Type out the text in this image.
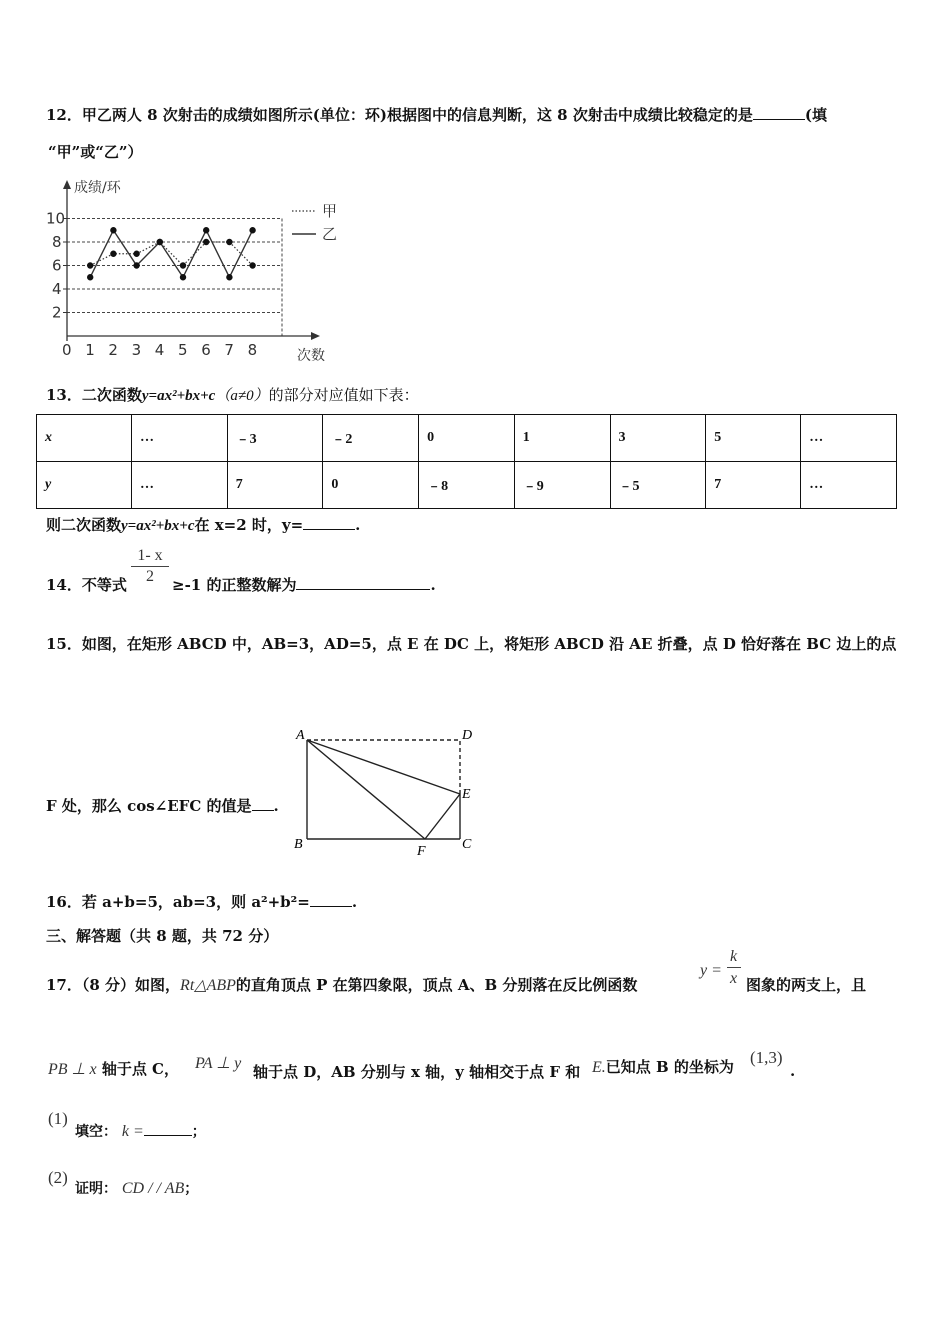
12．甲乙两人 8 次射击的成绩如图所示(单位：环)根据图中的信息判断，这 8 次射击中成绩比较稳定的是	(填
“甲”或“乙”）
成绩/环
次数
0 1 2 3 4 5 6 7 8
2
4
6
8
10	甲
乙
13．二次函数y=ax²+bx+c（a≠0）的部分对应值如下表：
x	…	﹣3	﹣2	0	1	3	5	…
y	…	7	0	﹣8	﹣9	﹣5	7	…
则二次函数y=ax²+bx+c在 x=2 时，y=	.
14．不等式 $\frac{1- x}{2} \ge-1$ 的正整数解为	.
15．如图，在矩形 ABCD 中，AB=3，AD=5，点 E 在 DC 上，将矩形 ABCD 沿 AE 折叠，点 D 恰好落在 BC 边上的点
F 处，那么 cos∠EFC 的值是 .
A	D
E
B	C
F
16．若 a+b=5，ab=3，则 a²+b²=	.
三、解答题（共 8 题，共 72 分）
17．（8 分）如图，Rt△ABP的直角顶点 P 在第四象限，顶点 A、B 分别落在反比例函数
y =
k
x 图象的两支上，且
PB ⊥ x 轴于点 C， PA ⊥ y 轴于点 D，AB 分别与 x 轴，y 轴相交于点 F 和 E.已知点 B 的坐标为 (1,3)
.
(1)
填空： k =	；
(2)
证明： CD / / AB；
